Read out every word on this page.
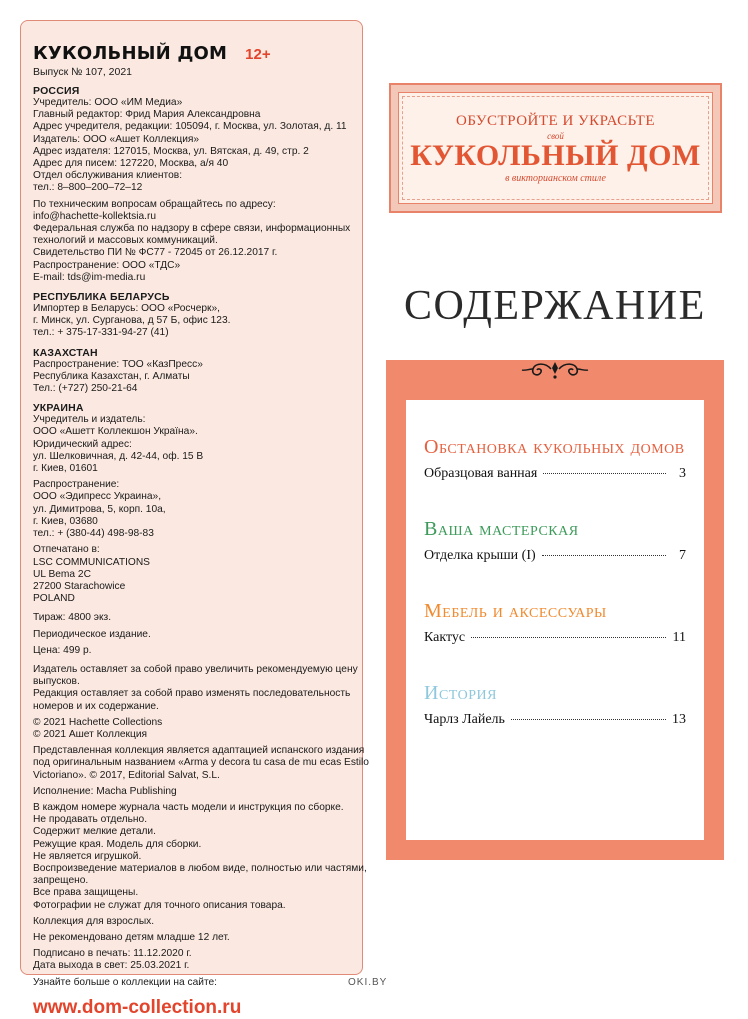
КУКОЛЬНЫЙ ДОМ 12+
Выпуск № 107, 2021
РОССИЯ
Учредитель: ООО «ИМ Медиа»
Главный редактор: Фрид Мария Александровна
Адрес учредителя, редакции: 105094, г. Москва, ул. Золотая, д. 11
Издатель: ООО «Ашет Коллекция»
Адрес издателя: 127015, Москва, ул. Вятская, д. 49, стр. 2
Адрес для писем: 127220, Москва, а/я 40
Отдел обслуживания клиентов:
тел.: 8–800–200–72–12
По техническим вопросам обращайтесь по адресу:
info@hachette-kollektsia.ru
Федеральная служба по надзору в сфере связи, информационных
технологий и массовых коммуникаций.
Свидетельство ПИ № ФС77 - 72045 от 26.12.2017 г.
Распространение: ООО «ТДС»
E-mail: tds@im-media.ru
РЕСПУБЛИКА БЕЛАРУСЬ
Импортер в Беларусь: ООО «Росчерк»,
г. Минск, ул. Сурганова, д 57 Б, офис 123.
тел.: + 375-17-331-94-27 (41)
КАЗАХСТАН
Распространение: ТОО «КазПресс»
Республика Казахстан, г. Алматы
Тел.: (+727) 250-21-64
УКРАИНА
Учредитель и издатель:
ООО «Ашетт Коллекшон Україна».
Юридический адрес:
ул. Шелковичная, д. 42-44, оф. 15 В
г. Киев, 01601
Распространение:
ООО «Эдипресс Украина»,
ул. Димитрова, 5, корп. 10а,
г. Киев, 03680
тел.: + (380-44) 498-98-83
Отпечатано в:
LSC COMMUNICATIONS
UL Bema 2C
27200 Starachowice
POLAND
Тираж: 4800 экз.
Периодическое издание.
Цена: 499 р.
Издатель оставляет за собой право увеличить рекомендуемую цену
выпусков.
Редакция оставляет за собой право изменять последовательность
номеров и их содержание.
© 2021 Hachette Collections
© 2021 Ашет Коллекция
Представленная коллекция является адаптацией испанского издания
под оригинальным названием «Arma y decora tu casa de mu ecas Estilo
Victoriano». © 2017, Editorial Salvat, S.L.
Исполнение: Macha Publishing
В каждом номере журнала часть модели и инструкция по сборке.
Не продавать отдельно.
Содержит мелкие детали.
Режущие края. Модель для сборки.
Не является игрушкой.
Воспроизведение материалов в любом виде, полностью или частями,
запрещено.
Все права защищены.
Фотографии не служат для точного описания товара.
Коллекция для взрослых.
Не рекомендовано детям младше 12 лет.
Подписано в печать: 11.12.2020 г.
Дата выхода в свет: 25.03.2021 г.
Узнайте больше о коллекции на сайте:
www.dom-collection.ru
ОБУСТРОЙТЕ И УКРАСЬТЕ
свой
КУКОЛЬНЫЙ ДОМ
в викторианском стиле
СОДЕРЖАНИЕ
Обстановка кукольных домов
Образцовая ванная	3
Ваша мастерская
Отделка крыши (I)	7
Мебель и аксессуары
Кактус	11
История
Чарлз Лайель	13
OKI.BY
